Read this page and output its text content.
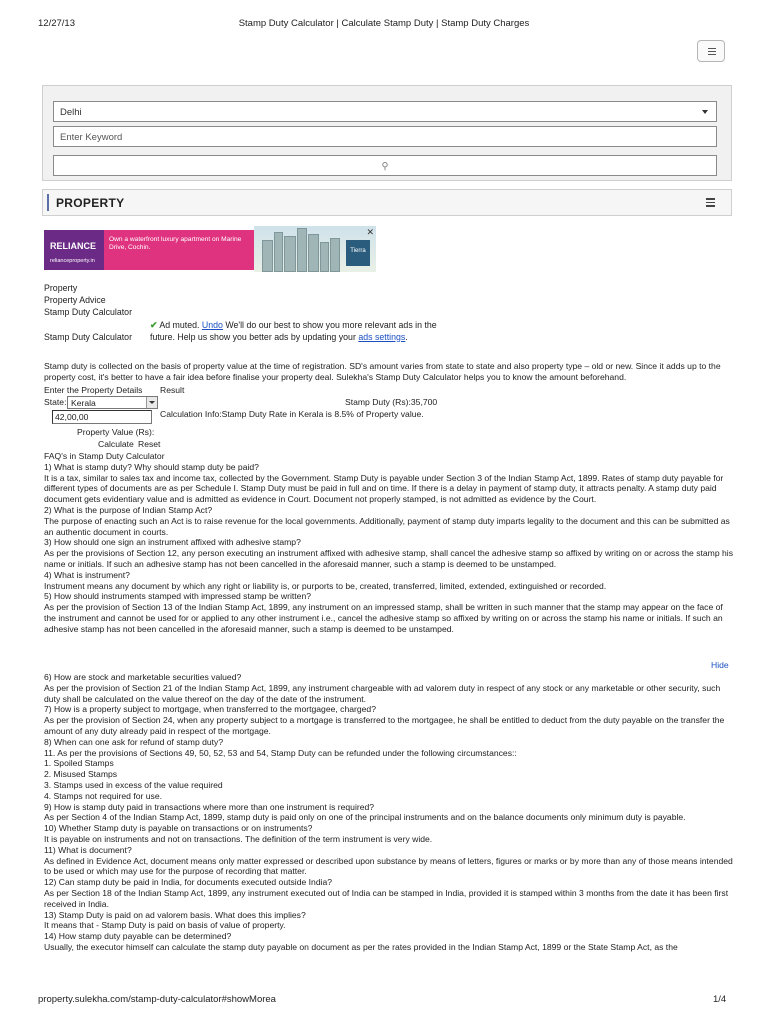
12/27/13	Stamp Duty Calculator | Calculate Stamp Duty | Stamp Duty Charges
Delhi
Enter Keyword
⚲
PROPERTY
RELIANCE
relianceproperty.in
Own a waterfront luxury apartment on Marine Drive, Cochin.	Tierra
✕
Property
Property Advice
Stamp Duty Calculator
Stamp Duty Calculator
✔ Ad muted. Undo We'll do our best to show you more relevant ads in the future. Help us show you better ads by updating your ads settings.
Stamp duty is collected on the basis of property value at the time of registration. SD's amount varies from state to state and also property type – old or new. Since it adds up to the property cost, it's better to have a fair idea before finalise your property deal. Sulekha's Stamp Duty Calculator helps you to know the amount beforehand.
Enter the Property Details Result
State: Kerala	Stamp Duty (Rs):35,700
42,00,00	Calculation Info:Stamp Duty Rate in Kerala is 8.5% of Property value.
Property Value (Rs):
Calculate Reset
FAQ's in Stamp Duty Calculator
1) What is stamp duty? Why should stamp duty be paid?
It is a tax, similar to sales tax and income tax, collected by the Government. Stamp Duty is payable under Section 3 of the Indian Stamp Act, 1899. Rates of stamp duty payable for different types of documents are as per Schedule I. Stamp Duty must be paid in full and on time. If there is a delay in payment of stamp duty, it attracts penalty. A stamp duty paid document gets evidentiary value and is admitted as evidence in Court. Document not properly stamped, is not admitted as evidence by the Court.
2) What is the purpose of Indian Stamp Act?
The purpose of enacting such an Act is to raise revenue for the local governments. Additionally, payment of stamp duty imparts legality to the document and this can be submitted as an authentic document in courts.
3) How should one sign an instrument affixed with adhesive stamp?
As per the provisions of Section 12, any person executing an instrument affixed with adhesive stamp, shall cancel the adhesive stamp so affixed by writing on or across the stamp his name or initials. If such an adhesive stamp has not been cancelled in the aforesaid manner, such a stamp is deemed to be unstamped.
4) What is instrument?
Instrument means any document by which any right or liability is, or purports to be, created, transferred, limited, extended, extinguished or recorded.
5) How should instruments stamped with impressed stamp be written?
As per the provision of Section 13 of the Indian Stamp Act, 1899, any instrument on an impressed stamp, shall be written in such manner that the stamp may appear on the face of the instrument and cannot be used for or applied to any other instrument i.e., cancel the adhesive stamp so affixed by writing on or across the stamp his name or initials. If such an adhesive stamp has not been cancelled in the aforesaid manner, such a stamp is deemed to be unstamped.
Hide
6) How are stock and marketable securities valued?
As per the provision of Section 21 of the Indian Stamp Act, 1899, any instrument chargeable with ad valorem duty in respect of any stock or any marketable or other security, such duty shall be calculated on the value thereof on the day of the date of the instrument.
7) How is a property subject to mortgage, when transferred to the mortgagee, charged?
As per the provision of Section 24, when any property subject to a mortgage is transferred to the mortgagee, he shall be entitled to deduct from the duty payable on the transfer the amount of any duty already paid in respect of the mortgage.
8) When can one ask for refund of stamp duty?
11. As per the provisions of Sections 49, 50, 52, 53 and 54, Stamp Duty can be refunded under the following circumstances::
1. Spoiled Stamps
2. Misused Stamps
3. Stamps used in excess of the value required
4. Stamps not required for use.
9) How is stamp duty paid in transactions where more than one instrument is required?
As per Section 4 of the Indian Stamp Act, 1899, stamp duty is paid only on one of the principal instruments and on the balance documents only minimum duty is payable.
10) Whether Stamp duty is payable on transactions or on instruments?
It is payable on instruments and not on transactions. The definition of the term instrument is very wide.
11) What is document?
As defined in Evidence Act, document means only matter expressed or described upon substance by means of letters, figures or marks or by more than any of those means intended to be used or which may use for the purpose of recording that matter.
12) Can stamp duty be paid in India, for documents executed outside India?
As per Section 18 of the Indian Stamp Act, 1899, any instrument executed out of India can be stamped in India, provided it is stamped within 3 months from the date it has been first received in India.
13) Stamp Duty is paid on ad valorem basis. What does this implies?
It means that - Stamp Duty is paid on basis of value of property.
14) How stamp duty payable can be determined?
Usually, the executor himself can calculate the stamp duty payable on document as per the rates provided in the Indian Stamp Act, 1899 or the State Stamp Act, as the
property.sulekha.com/stamp-duty-calculator#showMorea	1/4
